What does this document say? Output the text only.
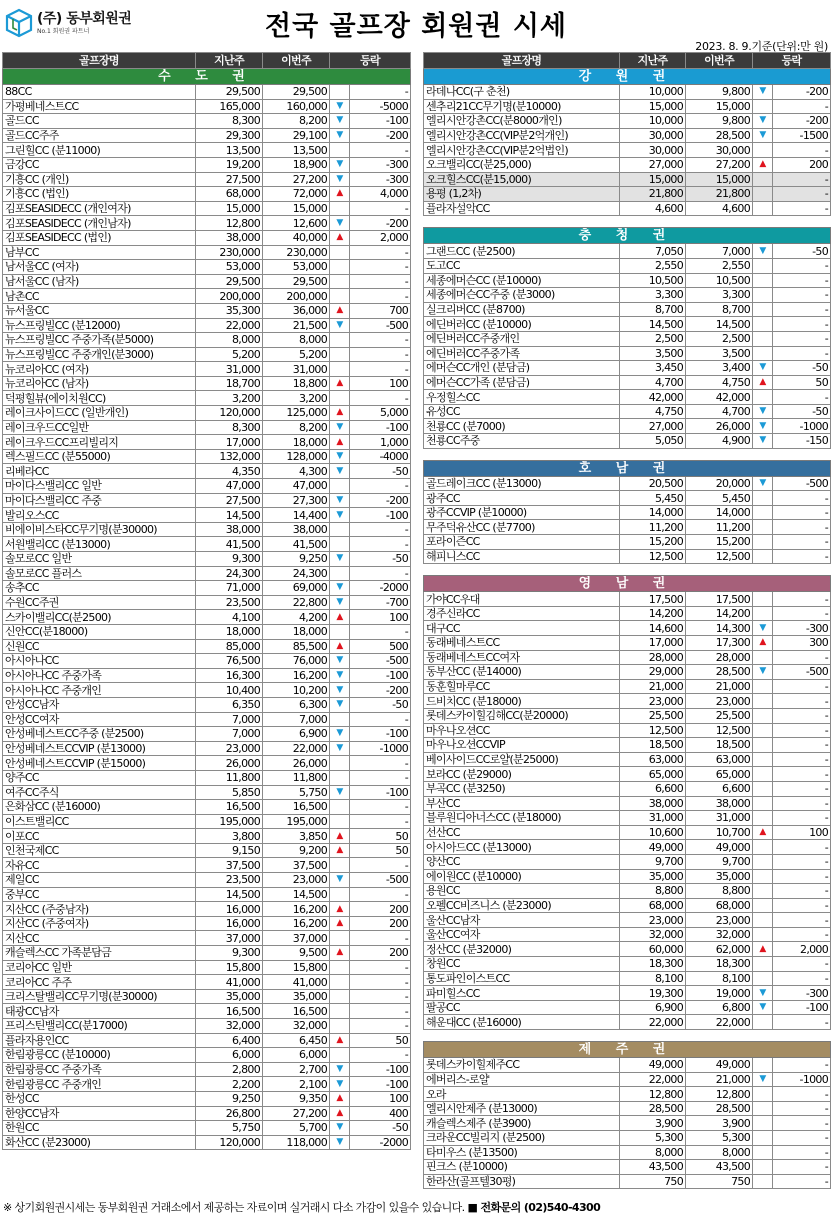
(주) 동부회원권
No.1 회원권 파트너	전국 골프장 회원권 시세
2023. 8. 9.기준(단위:만 원)
골프장명	지난주	이번주	등락	
수 도 권				
88CC	29,500	29,500		-
가평베네스트CC	165,000	160,000	▼	-5000
골드CC	8,300	8,200	▼	-100
골드CC주주	29,300	29,100	▼	-200
그린힐CC (분11000)	13,500	13,500		-
금강CC	19,200	18,900	▼	-300
기흥CC (개인)	27,500	27,200	▼	-300
기흥CC (법인)	68,000	72,000	▲	4,000
김포SEASIDECC (개인여자)	15,000	15,000		-
김포SEASIDECC (개인남자)	12,800	12,600	▼	-200
김포SEASIDECC (법인)	38,000	40,000	▲	2,000
남부CC	230,000	230,000		-
남서울CC (여자)	53,000	53,000		-
남서울CC (남자)	29,500	29,500		-
남촌CC	200,000	200,000		-
뉴서울CC	35,300	36,000	▲	700
뉴스프링빌CC (분12000)	22,000	21,500	▼	-500
뉴스프링빌CC 주중가족(분5000)	8,000	8,000		-
뉴스프링빌CC 주중개인(분3000)	5,200	5,200		-
뉴코리아CC (여자)	31,000	31,000		-
뉴코리아CC (남자)	18,700	18,800	▲	100
덕평힐뷰(에이치원CC)	3,200	3,200		-
레이크사이드CC (일반개인)	120,000	125,000	▲	5,000
레이크우드CC일반	8,300	8,200	▼	-100
레이크우드CC프리빌리지	17,000	18,000	▲	1,000
렉스필드CC (분55000)	132,000	128,000	▼	-4000
리베라CC	4,350	4,300	▼	-50
마이다스밸리CC 일반	47,000	47,000		-
마이다스밸리CC 주중	27,500	27,300	▼	-200
발리오스CC	14,500	14,400	▼	-100
비에이비스타CC무기명(분30000)	38,000	38,000		-
서원밸리CC (분13000)	41,500	41,500		-
솔모로CC 일반	9,300	9,250	▼	-50
솔모로CC 플러스	24,300	24,300		-
송추CC	71,000	69,000	▼	-2000
수원CC주권	23,500	22,800	▼	-700
스카이밸리CC(분2500)	4,100	4,200	▲	100
신안CC(분18000)	18,000	18,000		-
신원CC	85,000	85,500	▲	500
아시아나CC	76,500	76,000	▼	-500
아시아나CC 주중가족	16,300	16,200	▼	-100
아시아나CC 주중개인	10,400	10,200	▼	-200
안성CC남자	6,350	6,300	▼	-50
안성CC여자	7,000	7,000		-
안성베네스트CC주중 (분2500)	7,000	6,900	▼	-100
안성베네스트CCVIP (분13000)	23,000	22,000	▼	-1000
안성베네스트CCVIP (분15000)	26,000	26,000		-
양주CC	11,800	11,800		-
여주CC주식	5,850	5,750	▼	-100
은화삼CC (분16000)	16,500	16,500		-
이스트밸리CC	195,000	195,000		-
이포CC	3,800	3,850	▲	50
인천국제CC	9,150	9,200	▲	50
자유CC	37,500	37,500		-
제일CC	23,500	23,000	▼	-500
중부CC	14,500	14,500		-
지산CC (주중남자)	16,000	16,200	▲	200
지산CC (주중여자)	16,000	16,200	▲	200
지산CC	37,000	37,000		-
캐슬렉스CC 가족분담금	9,300	9,500	▲	200
코리아CC 일반	15,800	15,800		-
코리아CC 주주	41,000	41,000		-
크리스탈밸리CC무기명(분30000)	35,000	35,000		-
태광CC남자	16,500	16,500		-
프리스틴밸리CC(분17000)	32,000	32,000		-
플라자용인CC	6,400	6,450	▲	50
한림광릉CC (분10000)	6,000	6,000		-
한림광릉CC 주중가족	2,800	2,700	▼	-100
한림광릉CC 주중개인	2,200	2,100	▼	-100
한성CC	9,250	9,350	▲	100
한양CC남자	26,800	27,200	▲	400
한원CC	5,750	5,700	▼	-50
화산CC (분23000)	120,000	118,000	▼	-2000
골프장명	지난주	이번주	등락	
강 원 권				
라데나CC(구 춘천)	10,000	9,800	▼	-200
센추리21CC무기명(분10000)	15,000	15,000		-
엘리시안강촌CC(분8000개인)	10,000	9,800	▼	-200
엘리시안강촌CC(VIP분2억개인)	30,000	28,500	▼	-1500
엘리시안강촌CC(VIP분2억법인)	30,000	30,000		-
오크밸리CC(분25,000)	27,000	27,200	▲	200
오크힐스CC(분15,000)	15,000	15,000		-
용평 (1,2차)	21,800	21,800		-
플라자설악CC	4,600	4,600		-

충 청 권				
그랜드CC (분2500)	7,050	7,000	▼	-50
도고CC	2,550	2,550		-
세종에머슨CC (분10000)	10,500	10,500		-
세종에머슨CC주중 (분3000)	3,300	3,300		-
실크리버CC (분8700)	8,700	8,700		-
에딘버러CC (분10000)	14,500	14,500		-
에딘버러CC주중개인	2,500	2,500		-
에딘버러CC주중가족	3,500	3,500		-
에머슨CC개인 (분담금)	3,450	3,400	▼	-50
에머슨CC가족 (분담금)	4,700	4,750	▲	50
우정힐스CC	42,000	42,000		-
유성CC	4,750	4,700	▼	-50
천룡CC (분7000)	27,000	26,000	▼	-1000
천룡CC주중	5,050	4,900	▼	-150

호 남 권				
골드레이크CC (분13000)	20,500	20,000	▼	-500
광주CC	5,450	5,450		-
광주CCVIP (분10000)	14,000	14,000		-
무주덕유산CC (분7700)	11,200	11,200		-
포라이즌CC	15,200	15,200		-
해피니스CC	12,500	12,500		-

영 남 권				
가야CC우대	17,500	17,500		-
경주신라CC	14,200	14,200		-
대구CC	14,600	14,300	▼	-300
동래베네스트CC	17,000	17,300	▲	300
동래베네스트CC여자	28,000	28,000		-
동부산CC (분14000)	29,000	28,500	▼	-500
동훈힐마루CC	21,000	21,000		-
드비치CC (분18000)	23,000	23,000		-
롯데스카이힐김해CC(분20000)	25,500	25,500		-
마우나오션CC	12,500	12,500		-
마우나오션CCVIP	18,500	18,500		-
베이사이드CC로얄(분25000)	63,000	63,000		-
보라CC (분29000)	65,000	65,000		-
부곡CC (분3250)	6,600	6,600		-
부산CC	38,000	38,000		-
블루원디아너스CC (분18000)	31,000	31,000		-
선산CC	10,600	10,700	▲	100
아시아드CC (분13000)	49,000	49,000		-
양산CC	9,700	9,700		-
에이원CC (분10000)	35,000	35,000		-
용원CC	8,800	8,800		-
오펠CC비즈니스 (분23000)	68,000	68,000		-
울산CC남자	23,000	23,000		-
울산CC여자	32,000	32,000		-
정산CC (분32000)	60,000	62,000	▲	2,000
창원CC	18,300	18,300		-
통도파인이스트CC	8,100	8,100		-
파미힐스CC	19,300	19,000	▼	-300
팔공CC	6,900	6,800	▼	-100
해운대CC (분16000)	22,000	22,000		-

제 주 권				
롯데스카이힐제주CC	49,000	49,000		-
에버리스-로얄	22,000	21,000	▼	-1000
오라	12,800	12,800		-
엘리시안제주 (분13000)	28,500	28,500		-
캐슬렉스제주 (분3900)	3,900	3,900		-
크라운CC빌리지 (분2500)	5,300	5,300		-
타미우스 (분13500)	8,000	8,000		-
핀크스 (분10000)	43,500	43,500		-
한라산(골프텔30평)	750	750		-
※ 상기회원권시세는 동부회원권 거래소에서 제공하는 자료이며 실거래시 다소 가감이 있을수 있습니다. ■ 전화문의 (02)540-4300
